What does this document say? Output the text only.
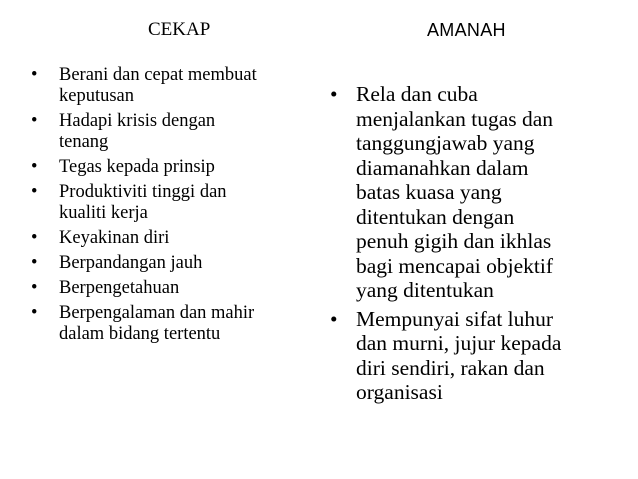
CEKAP	AMANAH
• Berani dan cepat membuat
keputusan
• Hadapi krisis dengan
tenang
• Tegas kepada prinsip
• Produktiviti tinggi dan
kualiti kerja
• Keyakinan diri
• Berpandangan jauh
• Berpengetahuan
• Berpengalaman dan mahir
dalam bidang tertentu
• Rela dan cuba
menjalankan tugas dan
tanggungjawab yang
diamanahkan dalam
batas kuasa yang
ditentukan dengan
penuh gigih dan ikhlas
bagi mencapai objektif
yang ditentukan
• Mempunyai sifat luhur
dan murni, jujur kepada
diri sendiri, rakan dan
organisasi
